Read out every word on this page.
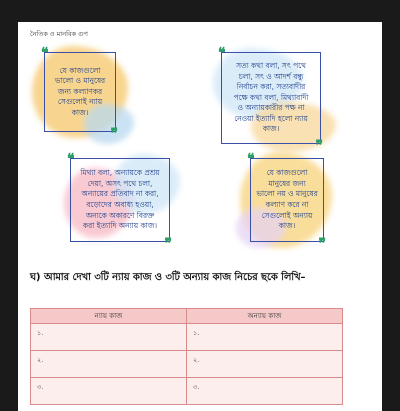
নৈতিক ও মানবিক গুণ
❝
❞
যে কাজগুলো
ভালো ও মানুষের
জন্য কল্যাণকর
সেগুলোই ন্যায়
কাজ।
❝
❞
সত্য কথা বলা, সৎ পথে
চলা, সৎ ও আদর্শ বন্ধু
নির্বাচন করা, সত্যবাদীর
পক্ষে কথা বলা, মিথ্যাবাদী
ও অন্যায়কারীর পক্ষ না
নেওয়া ইত্যাদি হলো ন্যায়
কাজ।
❝
❞
মিথ্যা বলা, অন্যায়কে প্রশ্রয়
দেয়া, অসৎ পথে চলা,
অন্যায়ের প্রতিবাদ না করা,
বড়োদের অবাধ্য হওয়া,
অন্যকে অকারণে বিরক্ত
করা ইত্যাদি অন্যায় কাজ।
❝
❞
যে কাজগুলো
মানুষের জন্য
ভালো নয় ও মানুষের
কল্যাণ করে না
সেগুলোই অন্যায়
কাজ।
ঘ) আমার দেখা ৩টি ন্যায় কাজ ও ৩টি অন্যায় কাজ নিচের ছকে লিখি–
ন্যায় কাজ	অন্যায় কাজ
১.	১.
২.	২.
৩.	৩.
